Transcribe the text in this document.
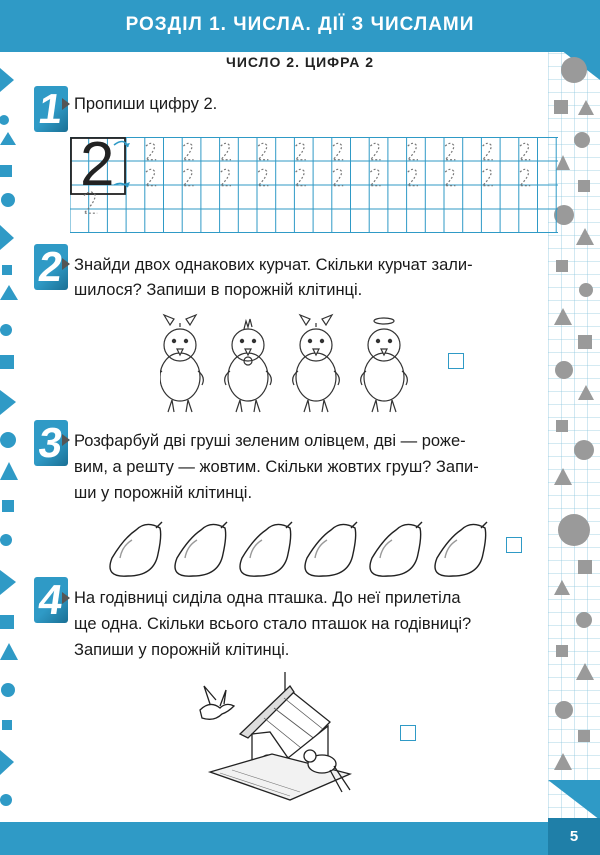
РОЗДІЛ 1. ЧИСЛА. ДІЇ З ЧИСЛАМИ
ЧИСЛО 2. ЦИФРА 2
1 Пропиши цифру 2.
2
2 Знайди двох однакових курчат. Скільки курчат зали-
шилося? Запиши в порожній клітинці.
3 Розфарбуй дві груші зеленим олівцем, дві — роже-
вим, а решту — жовтим. Скільки жовтих груш? Запи-
ши у порожній клітинці.
4 На годівниці сиділа одна пташка. До неї прилетіла
ще одна. Скільки всього стало пташок на годівниці?
Запиши у порожній клітинці.
5
